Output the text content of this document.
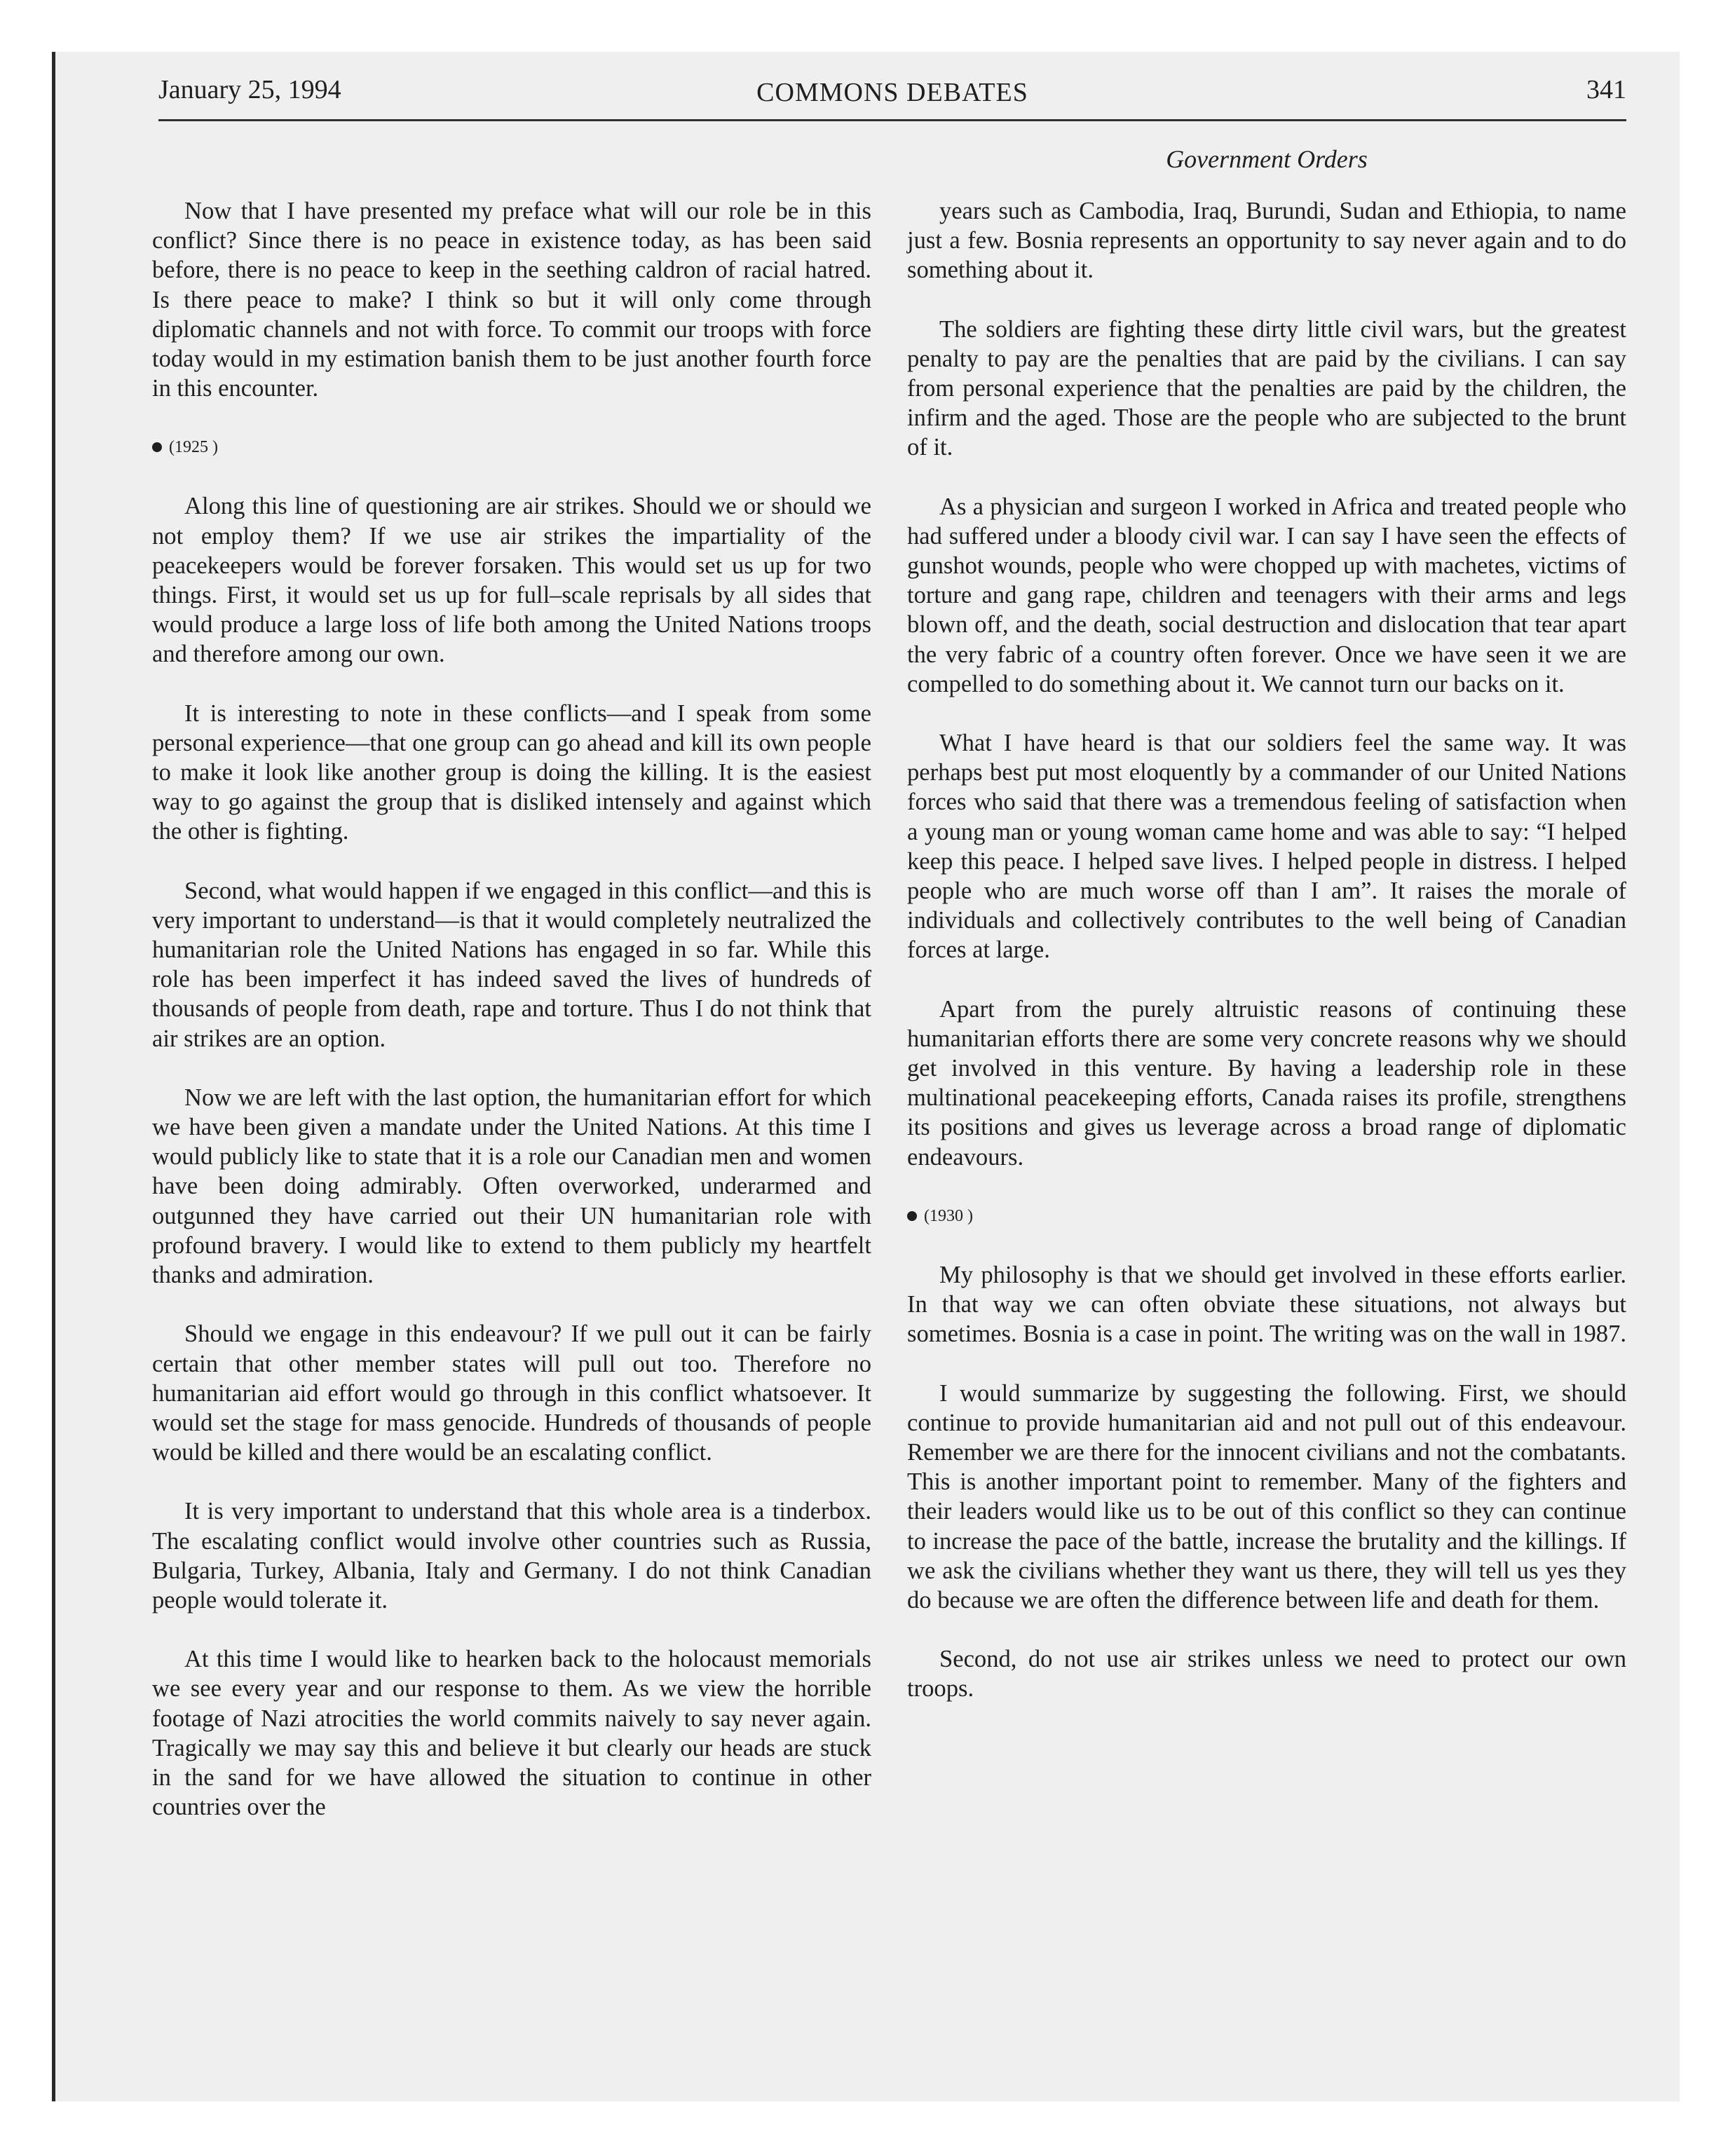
January 25, 1994	COMMONS DEBATES	341
Government Orders

Now that I have presented my preface what will our role be in this conflict? Since there is no peace in existence today, as has been said before, there is no peace to keep in the seething caldron of racial hatred. Is there peace to make? I think so but it will only come through diplomatic channels and not with force. To commit our troops with force today would in my estimation banish them to be just another fourth force in this encounter.

(1925 )

Along this line of questioning are air strikes. Should we or should we not employ them? If we use air strikes the impartiality of the peacekeepers would be forever forsaken. This would set us up for two things. First, it would set us up for full–scale reprisals by all sides that would produce a large loss of life both among the United Nations troops and therefore among our own.

It is interesting to note in these conflicts—and I speak from some personal experience—that one group can go ahead and kill its own people to make it look like another group is doing the killing. It is the easiest way to go against the group that is disliked intensely and against which the other is fighting.

Second, what would happen if we engaged in this conflict—and this is very important to understand—is that it would completely neutralized the humanitarian role the United Nations has engaged in so far. While this role has been imperfect it has indeed saved the lives of hundreds of thousands of people from death, rape and torture. Thus I do not think that air strikes are an option.

Now we are left with the last option, the humanitarian effort for which we have been given a mandate under the United Nations. At this time I would publicly like to state that it is a role our Canadian men and women have been doing admirably. Often overworked, underarmed and outgunned they have carried out their UN humanitarian role with profound bravery. I would like to extend to them publicly my heartfelt thanks and admiration.

Should we engage in this endeavour? If we pull out it can be fairly certain that other member states will pull out too. Therefore no humanitarian aid effort would go through in this conflict whatsoever. It would set the stage for mass genocide. Hundreds of thousands of people would be killed and there would be an escalating conflict.

It is very important to understand that this whole area is a tinderbox. The escalating conflict would involve other countries such as Russia, Bulgaria, Turkey, Albania, Italy and Germany. I do not think Canadian people would tolerate it.

At this time I would like to hearken back to the holocaust memorials we see every year and our response to them. As we view the horrible footage of Nazi atrocities the world commits naively to say never again. Tragically we may say this and believe it but clearly our heads are stuck in the sand for we have allowed the situation to continue in other countries over the

years such as Cambodia, Iraq, Burundi, Sudan and Ethiopia, to name just a few. Bosnia represents an opportunity to say never again and to do something about it.

The soldiers are fighting these dirty little civil wars, but the greatest penalty to pay are the penalties that are paid by the civilians. I can say from personal experience that the penalties are paid by the children, the infirm and the aged. Those are the people who are subjected to the brunt of it.

As a physician and surgeon I worked in Africa and treated people who had suffered under a bloody civil war. I can say I have seen the effects of gunshot wounds, people who were chopped up with machetes, victims of torture and gang rape, children and teenagers with their arms and legs blown off, and the death, social destruction and dislocation that tear apart the very fabric of a country often forever. Once we have seen it we are compelled to do something about it. We cannot turn our backs on it.

What I have heard is that our soldiers feel the same way. It was perhaps best put most eloquently by a commander of our United Nations forces who said that there was a tremendous feeling of satisfaction when a young man or young woman came home and was able to say: “I helped keep this peace. I helped save lives. I helped people in distress. I helped people who are much worse off than I am”. It raises the morale of individuals and collectively contributes to the well being of Canadian forces at large.

Apart from the purely altruistic reasons of continuing these humanitarian efforts there are some very concrete reasons why we should get involved in this venture. By having a leadership role in these multinational peacekeeping efforts, Canada raises its profile, strengthens its positions and gives us leverage across a broad range of diplomatic endeavours.

(1930 )

My philosophy is that we should get involved in these efforts earlier. In that way we can often obviate these situations, not always but sometimes. Bosnia is a case in point. The writing was on the wall in 1987.

I would summarize by suggesting the following. First, we should continue to provide humanitarian aid and not pull out of this endeavour. Remember we are there for the innocent civilians and not the combatants. This is another important point to remember. Many of the fighters and their leaders would like us to be out of this conflict so they can continue to increase the pace of the battle, increase the brutality and the killings. If we ask the civilians whether they want us there, they will tell us yes they do because we are often the difference between life and death for them.

Second, do not use air strikes unless we need to protect our own troops.
